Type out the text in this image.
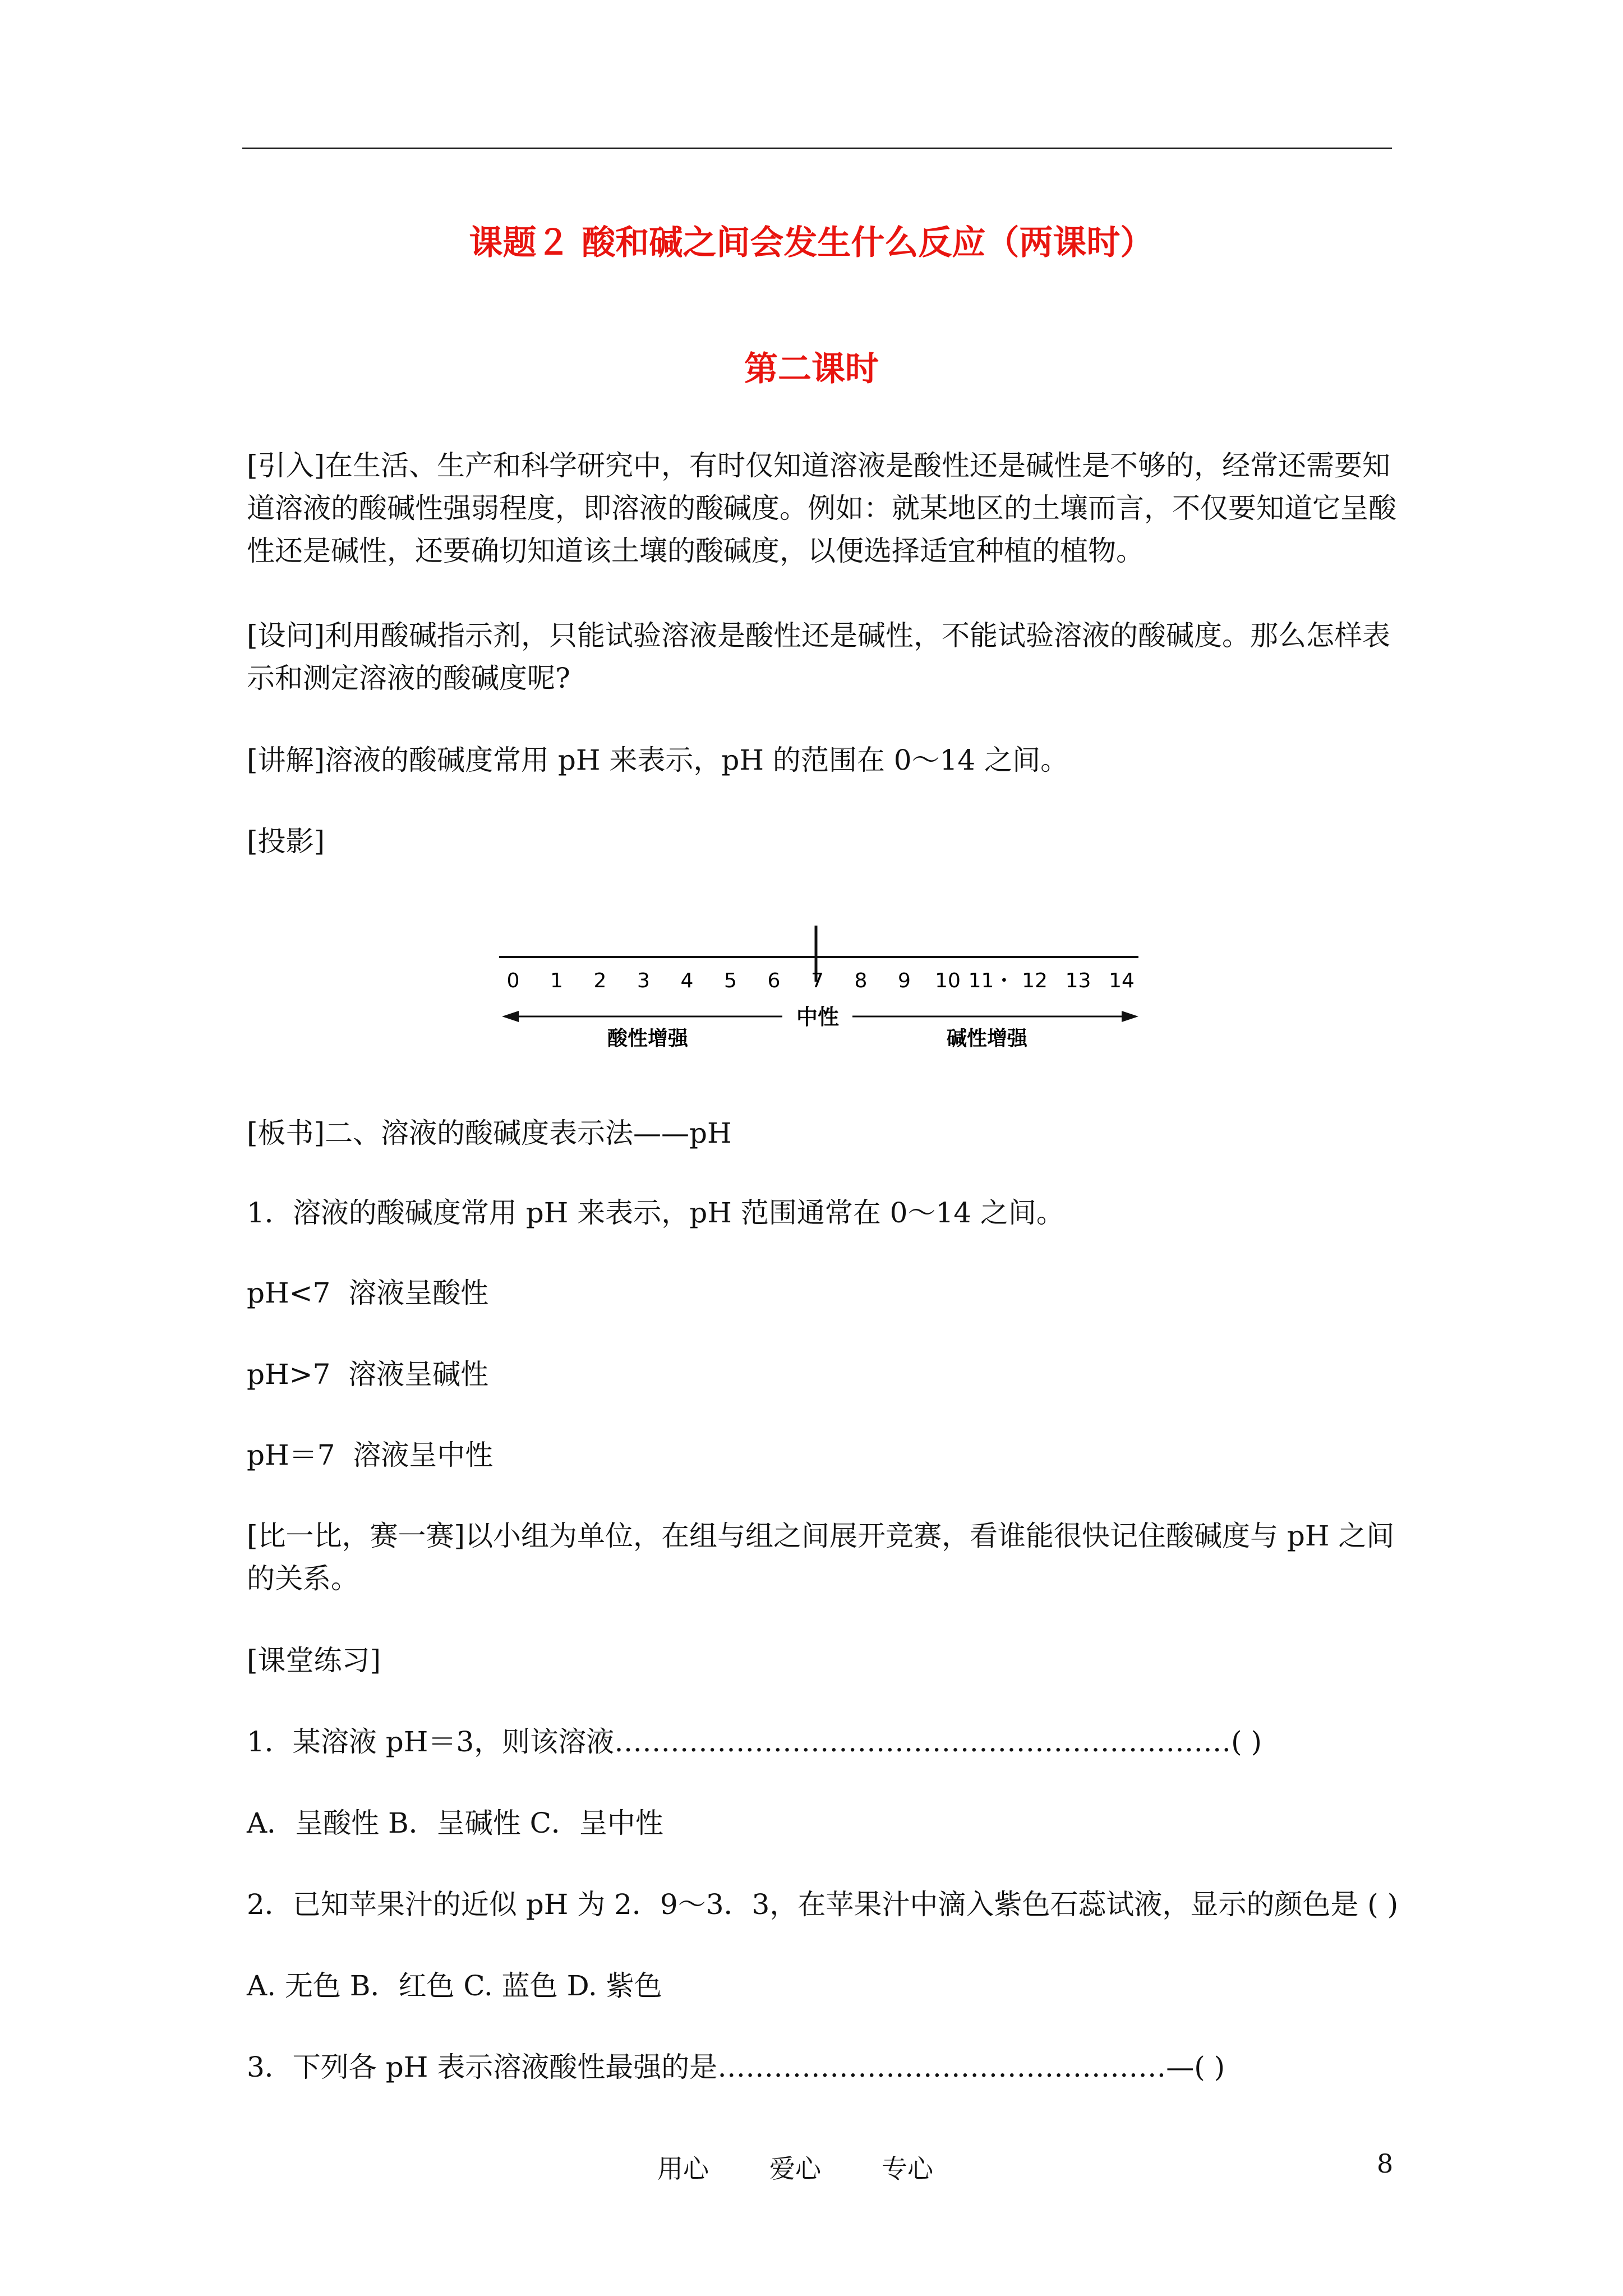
课题２ 酸和碱之间会发生什么反应（两课时）
第二课时

[引入]在生活、生产和科学研究中，有时仅知道溶液是酸性还是碱性是不够的，经常还需要知道溶液的酸碱性强弱程度，即溶液的酸碱度。例如：就某地区的土壤而言，不仅要知道它呈酸性还是碱性，还要确切知道该土壤的酸碱度，以便选择适宜种植的植物。

[设问]利用酸碱指示剂，只能试验溶液是酸性还是碱性，不能试验溶液的酸碱度。那么怎样表示和测定溶液的酸碱度呢?

[讲解]溶液的酸碱度常用 pH 来表示，pH 的范围在 0～14 之间。

[投影]

0 1 2 3 4 5 6 7 8 9 10 11・ 12 13 14
中性
酸性增强	碱性增强

[板书]二、溶液的酸碱度表示法——pH

1．溶液的酸碱度常用 pH 来表示，pH 范围通常在 0～14 之间。

pH<7  溶液呈酸性

pH>7  溶液呈碱性

pH＝7  溶液呈中性

[比一比，赛一赛]以小组为单位，在组与组之间展开竞赛，看谁能很快记住酸碱度与 pH 之间的关系。

[课堂练习]

1．某溶液 pH＝3，则该溶液…………………………………………………………( )

A．呈酸性 B．呈碱性 C．呈中性

2．已知苹果汁的近似 pH 为 2．9～3．3，在苹果汁中滴入紫色石蕊试液，显示的颜色是 ( )

A. 无色 B．红色 C. 蓝色 D. 紫色

3．下列各 pH 表示溶液酸性最强的是…………………………………………—( )

用心 爱心 专心	8
